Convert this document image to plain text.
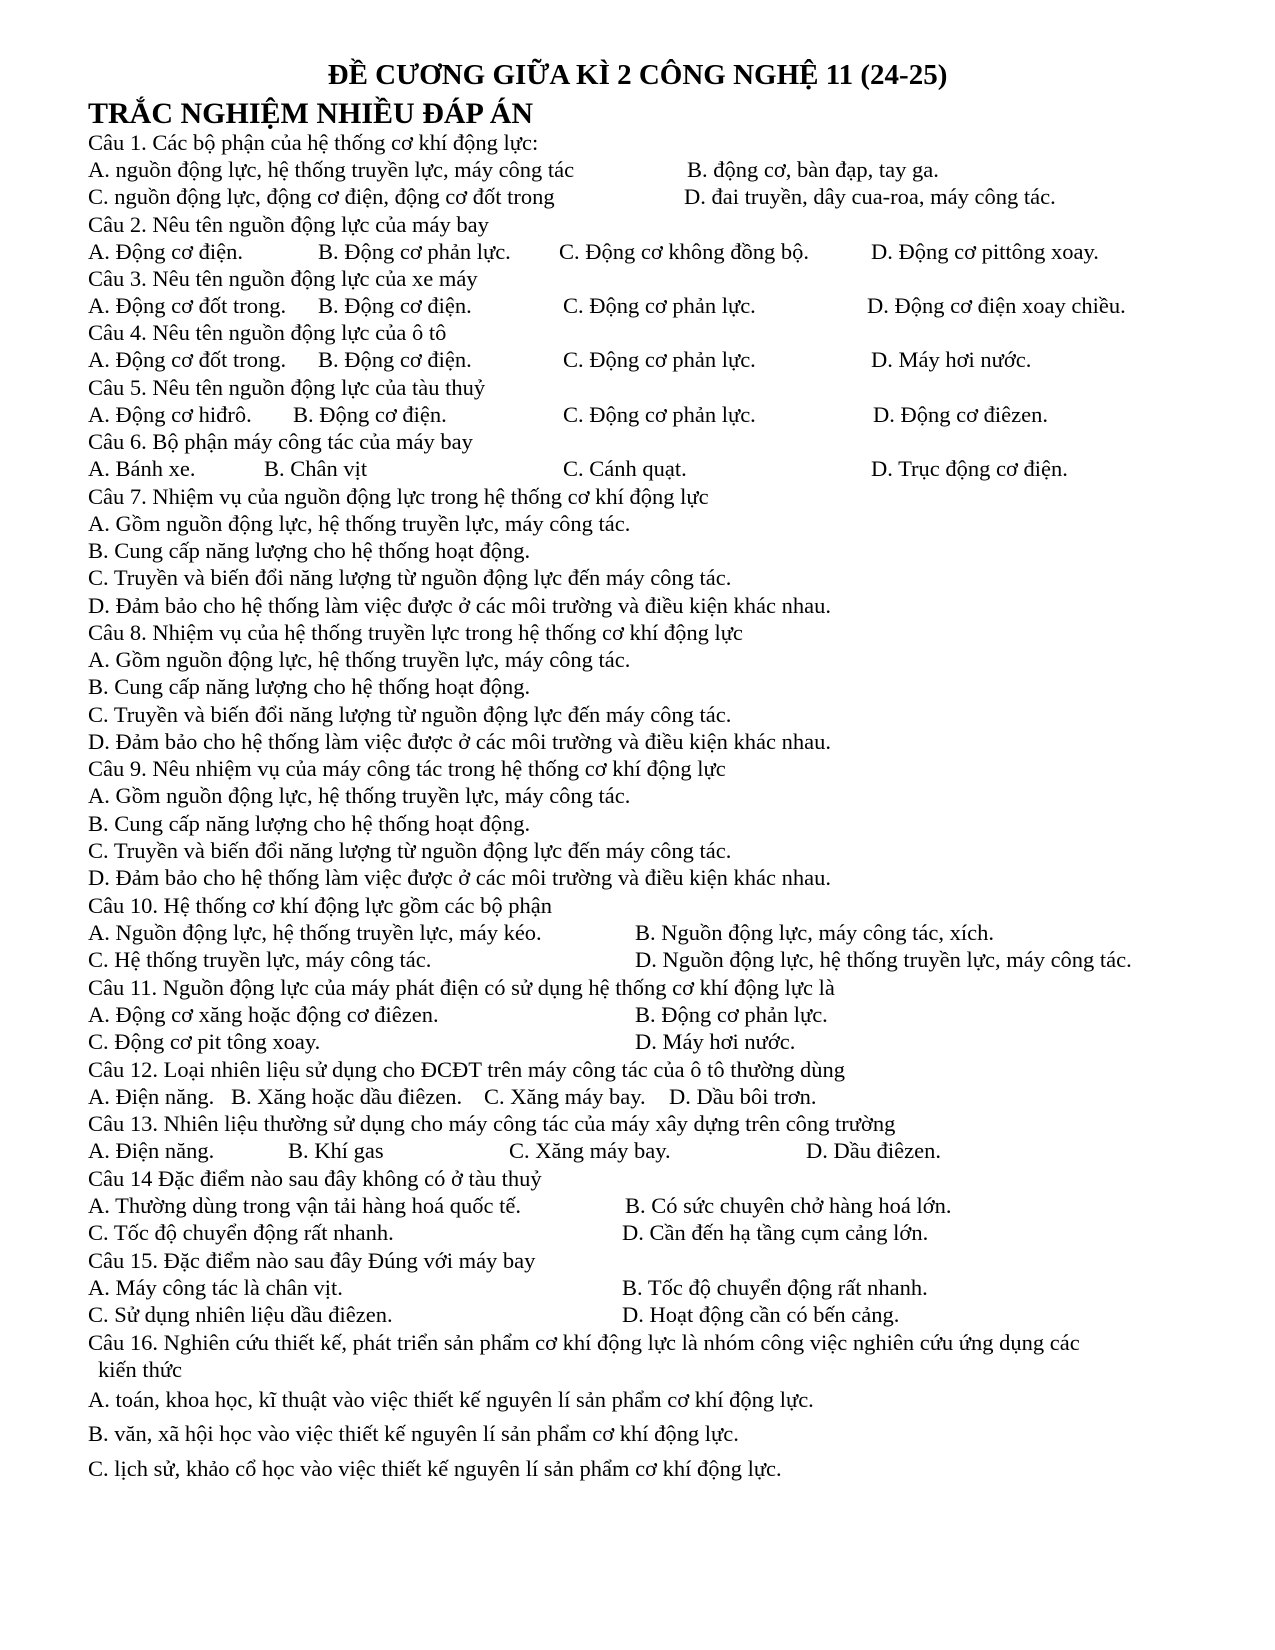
ĐỀ CƯƠNG GIỮA KÌ 2 CÔNG NGHỆ 11 (24-25)
TRẮC NGHIỆM NHIỀU ĐÁP ÁN
Câu 1. Các bộ phận của hệ thống cơ khí động lực:
A. nguồn động lực, hệ thống truyền lực, máy công tác	B. động cơ, bàn đạp, tay ga.
C. nguồn động lực, động cơ điện, động cơ đốt trong	D. đai truyền, dây cua-roa, máy công tác.
Câu 2. Nêu tên nguồn động lực của máy bay
A. Động cơ điện.	B. Động cơ phản lực. C. Động cơ không đồng bộ.	D. Động cơ pittông xoay.
Câu 3. Nêu tên nguồn động lực của xe máy
A. Động cơ đốt trong. B. Động cơ điện.	C. Động cơ phản lực.	D. Động cơ điện xoay chiều.
Câu 4. Nêu tên nguồn động lực của ô tô
A. Động cơ đốt trong. B. Động cơ điện.	C. Động cơ phản lực.	D. Máy hơi nước.
Câu 5. Nêu tên nguồn động lực của tàu thuỷ
A. Động cơ hiđrô. B. Động cơ điện.	C. Động cơ phản lực.	D. Động cơ điêzen.
Câu 6. Bộ phận máy công tác của máy bay
A. Bánh xe.	B. Chân vịt	C. Cánh quạt.	D. Trục động cơ điện.
Câu 7. Nhiệm vụ của nguồn động lực trong hệ thống cơ khí động lực
A. Gồm nguồn động lực, hệ thống truyền lực, máy công tác.
B. Cung cấp năng lượng cho hệ thống hoạt động.
C. Truyền và biến đổi năng lượng từ nguồn động lực đến máy công tác.
D. Đảm bảo cho hệ thống làm việc được ở các môi trường và điều kiện khác nhau.
Câu 8. Nhiệm vụ của hệ thống truyền lực trong hệ thống cơ khí động lực
A. Gồm nguồn động lực, hệ thống truyền lực, máy công tác.
B. Cung cấp năng lượng cho hệ thống hoạt động.
C. Truyền và biến đổi năng lượng từ nguồn động lực đến máy công tác.
D. Đảm bảo cho hệ thống làm việc được ở các môi trường và điều kiện khác nhau.
Câu 9. Nêu nhiệm vụ của máy công tác trong hệ thống cơ khí động lực
A. Gồm nguồn động lực, hệ thống truyền lực, máy công tác.
B. Cung cấp năng lượng cho hệ thống hoạt động.
C. Truyền và biến đổi năng lượng từ nguồn động lực đến máy công tác.
D. Đảm bảo cho hệ thống làm việc được ở các môi trường và điều kiện khác nhau.
Câu 10. Hệ thống cơ khí động lực gồm các bộ phận
A. Nguồn động lực, hệ thống truyền lực, máy kéo.	B. Nguồn động lực, máy công tác, xích.
C. Hệ thống truyền lực, máy công tác.	D. Nguồn động lực, hệ thống truyền lực, máy công tác.
Câu 11. Nguồn động lực của máy phát điện có sử dụng hệ thống cơ khí động lực là
A. Động cơ xăng hoặc động cơ điêzen.	B. Động cơ phản lực.
C. Động cơ pit tông xoay.	D. Máy hơi nước.
Câu 12. Loại nhiên liệu sử dụng cho ĐCĐT trên máy công tác của ô tô thường dùng
A. Điện năng. B. Xăng hoặc dầu điêzen. C. Xăng máy bay. D. Dầu bôi trơn.
Câu 13. Nhiên liệu thường sử dụng cho máy công tác của máy xây dựng trên công trường
A. Điện năng.	B. Khí gas	C. Xăng máy bay.	D. Dầu điêzen.
Câu 14 Đặc điểm nào sau đây không có ở tàu thuỷ
A. Thường dùng trong vận tải hàng hoá quốc tế.	B. Có sức chuyên chở hàng hoá lớn.
C. Tốc độ chuyển động rất nhanh.	D. Cần đến hạ tầng cụm cảng lớn.
Câu 15. Đặc điểm nào sau đây Đúng với máy bay
A. Máy công tác là chân vịt.	B. Tốc độ chuyển động rất nhanh.
C. Sử dụng nhiên liệu dầu điêzen.	D. Hoạt động cần có bến cảng.
Câu 16. Nghiên cứu thiết kế, phát triển sản phẩm cơ khí động lực là nhóm công việc nghiên cứu ứng dụng các
kiến thức
A. toán, khoa học, kĩ thuật vào việc thiết kế nguyên lí sản phẩm cơ khí động lực.
B. văn, xã hội học vào việc thiết kế nguyên lí sản phẩm cơ khí động lực.
C. lịch sử, khảo cổ học vào việc thiết kế nguyên lí sản phẩm cơ khí động lực.
